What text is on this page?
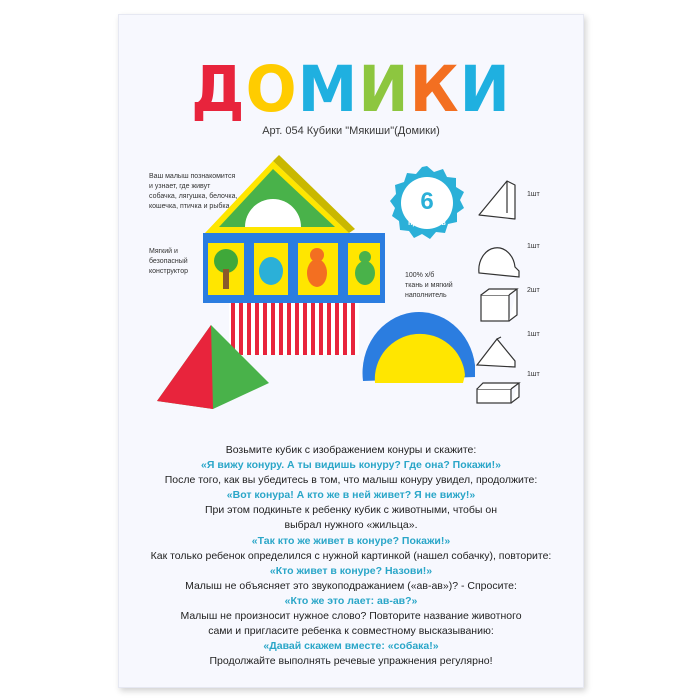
ДОМИКИ
Арт. 054 Кубики "Мякиши"(Домики)
Ваш малыш познакомится
и узнает, где живут
собачка, лягушка, белочка,
кошечка, птичка и рыбка
Мягкий и
безопасный
конструктор
100% х/б
ткань и мягкий
наполнитель
6
предметов
1шт
1шт
2шт
1шт
1шт
Возьмите кубик с изображением конуры и скажите:
«Я вижу конуру. А ты видишь конуру? Где она? Покажи!»
После того, как вы убедитесь в том, что малыш конуру увидел, продолжите:
«Вот конура! А кто же в ней живет? Я не вижу!»
При этом подкиньте к ребенку кубик с животными, чтобы он
выбрал нужного «жильца».
«Так кто же живет в конуре? Покажи!»
Как только ребенок определился с нужной картинкой (нашел собачку), повторите:
«Кто живет в конуре? Назови!»
Малыш не объясняет это звукоподражанием («ав-ав»)? - Спросите:
«Кто же это лает: ав-ав?»
Малыш не произносит нужное слово? Повторите название животного
сами и пригласите ребенка к совместному высказыванию:
«Давай скажем вместе: «собака!»
Продолжайте выполнять речевые упражнения регулярно!
